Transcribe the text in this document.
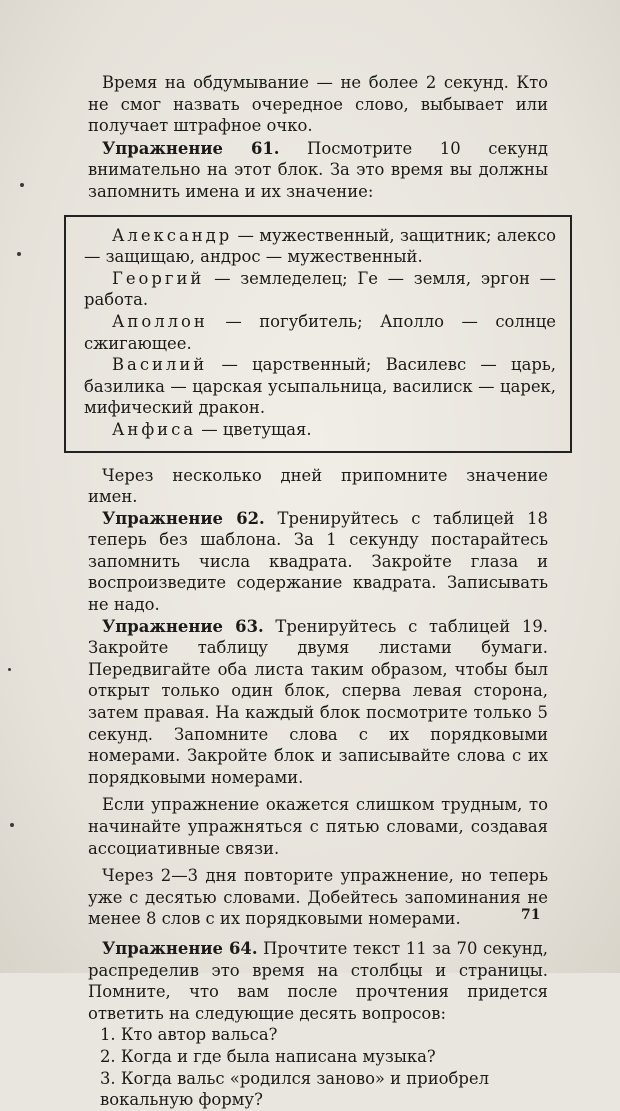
Время на обдумывание — не более 2 секунд. Кто не смог назвать очередное слово, выбывает или получает штрафное очко.

Упражнение 61. Посмотрите 10 секунд внимательно на этот блок. За это время вы должны запомнить имена и их значение:

Александр — мужественный, защитник; алексо — защищаю, андрос — мужественный.

Георгий — земледелец; Ге — земля, эргон — работа.

Аполлон — погубитель; Аполло — солнце сжигающее.

Василий — царственный; Василевс — царь, базилика — царская усыпальница, василиск — царек, мифический дракон.

Анфиса — цветущая.

Через несколько дней припомните значение имен.

Упражнение 62. Тренируйтесь с таблицей 18 теперь без шаблона. За 1 секунду постарайтесь запомнить числа квадрата. Закройте глаза и воспроизведите содержание квадрата. Записывать не надо.

Упражнение 63. Тренируйтесь с таблицей 19. Закройте таблицу двумя листами бумаги. Передвигайте оба листа таким образом, чтобы был открыт только один блок, сперва левая сторона, затем правая. На каждый блок посмотрите только 5 секунд. Запомните слова с их порядковыми номерами. Закройте блок и записывайте слова с их порядковыми номерами.

Если упражнение окажется слишком трудным, то начинайте упражняться с пятью словами, создавая ассоциативные связи.

Через 2—3 дня повторите упражнение, но теперь уже с десятью словами. Добейтесь запоминания не менее 8 слов с их порядковыми номерами.

Упражнение 64. Прочтите текст 11 за 70 секунд, распределив это время на столбцы и страницы. Помните, что вам после прочтения придется ответить на следующие десять вопросов:

1. Кто автор вальса?

2. Когда и где была написана музыка?

3. Когда вальс «родился заново» и приобрел вокальную форму?

71
